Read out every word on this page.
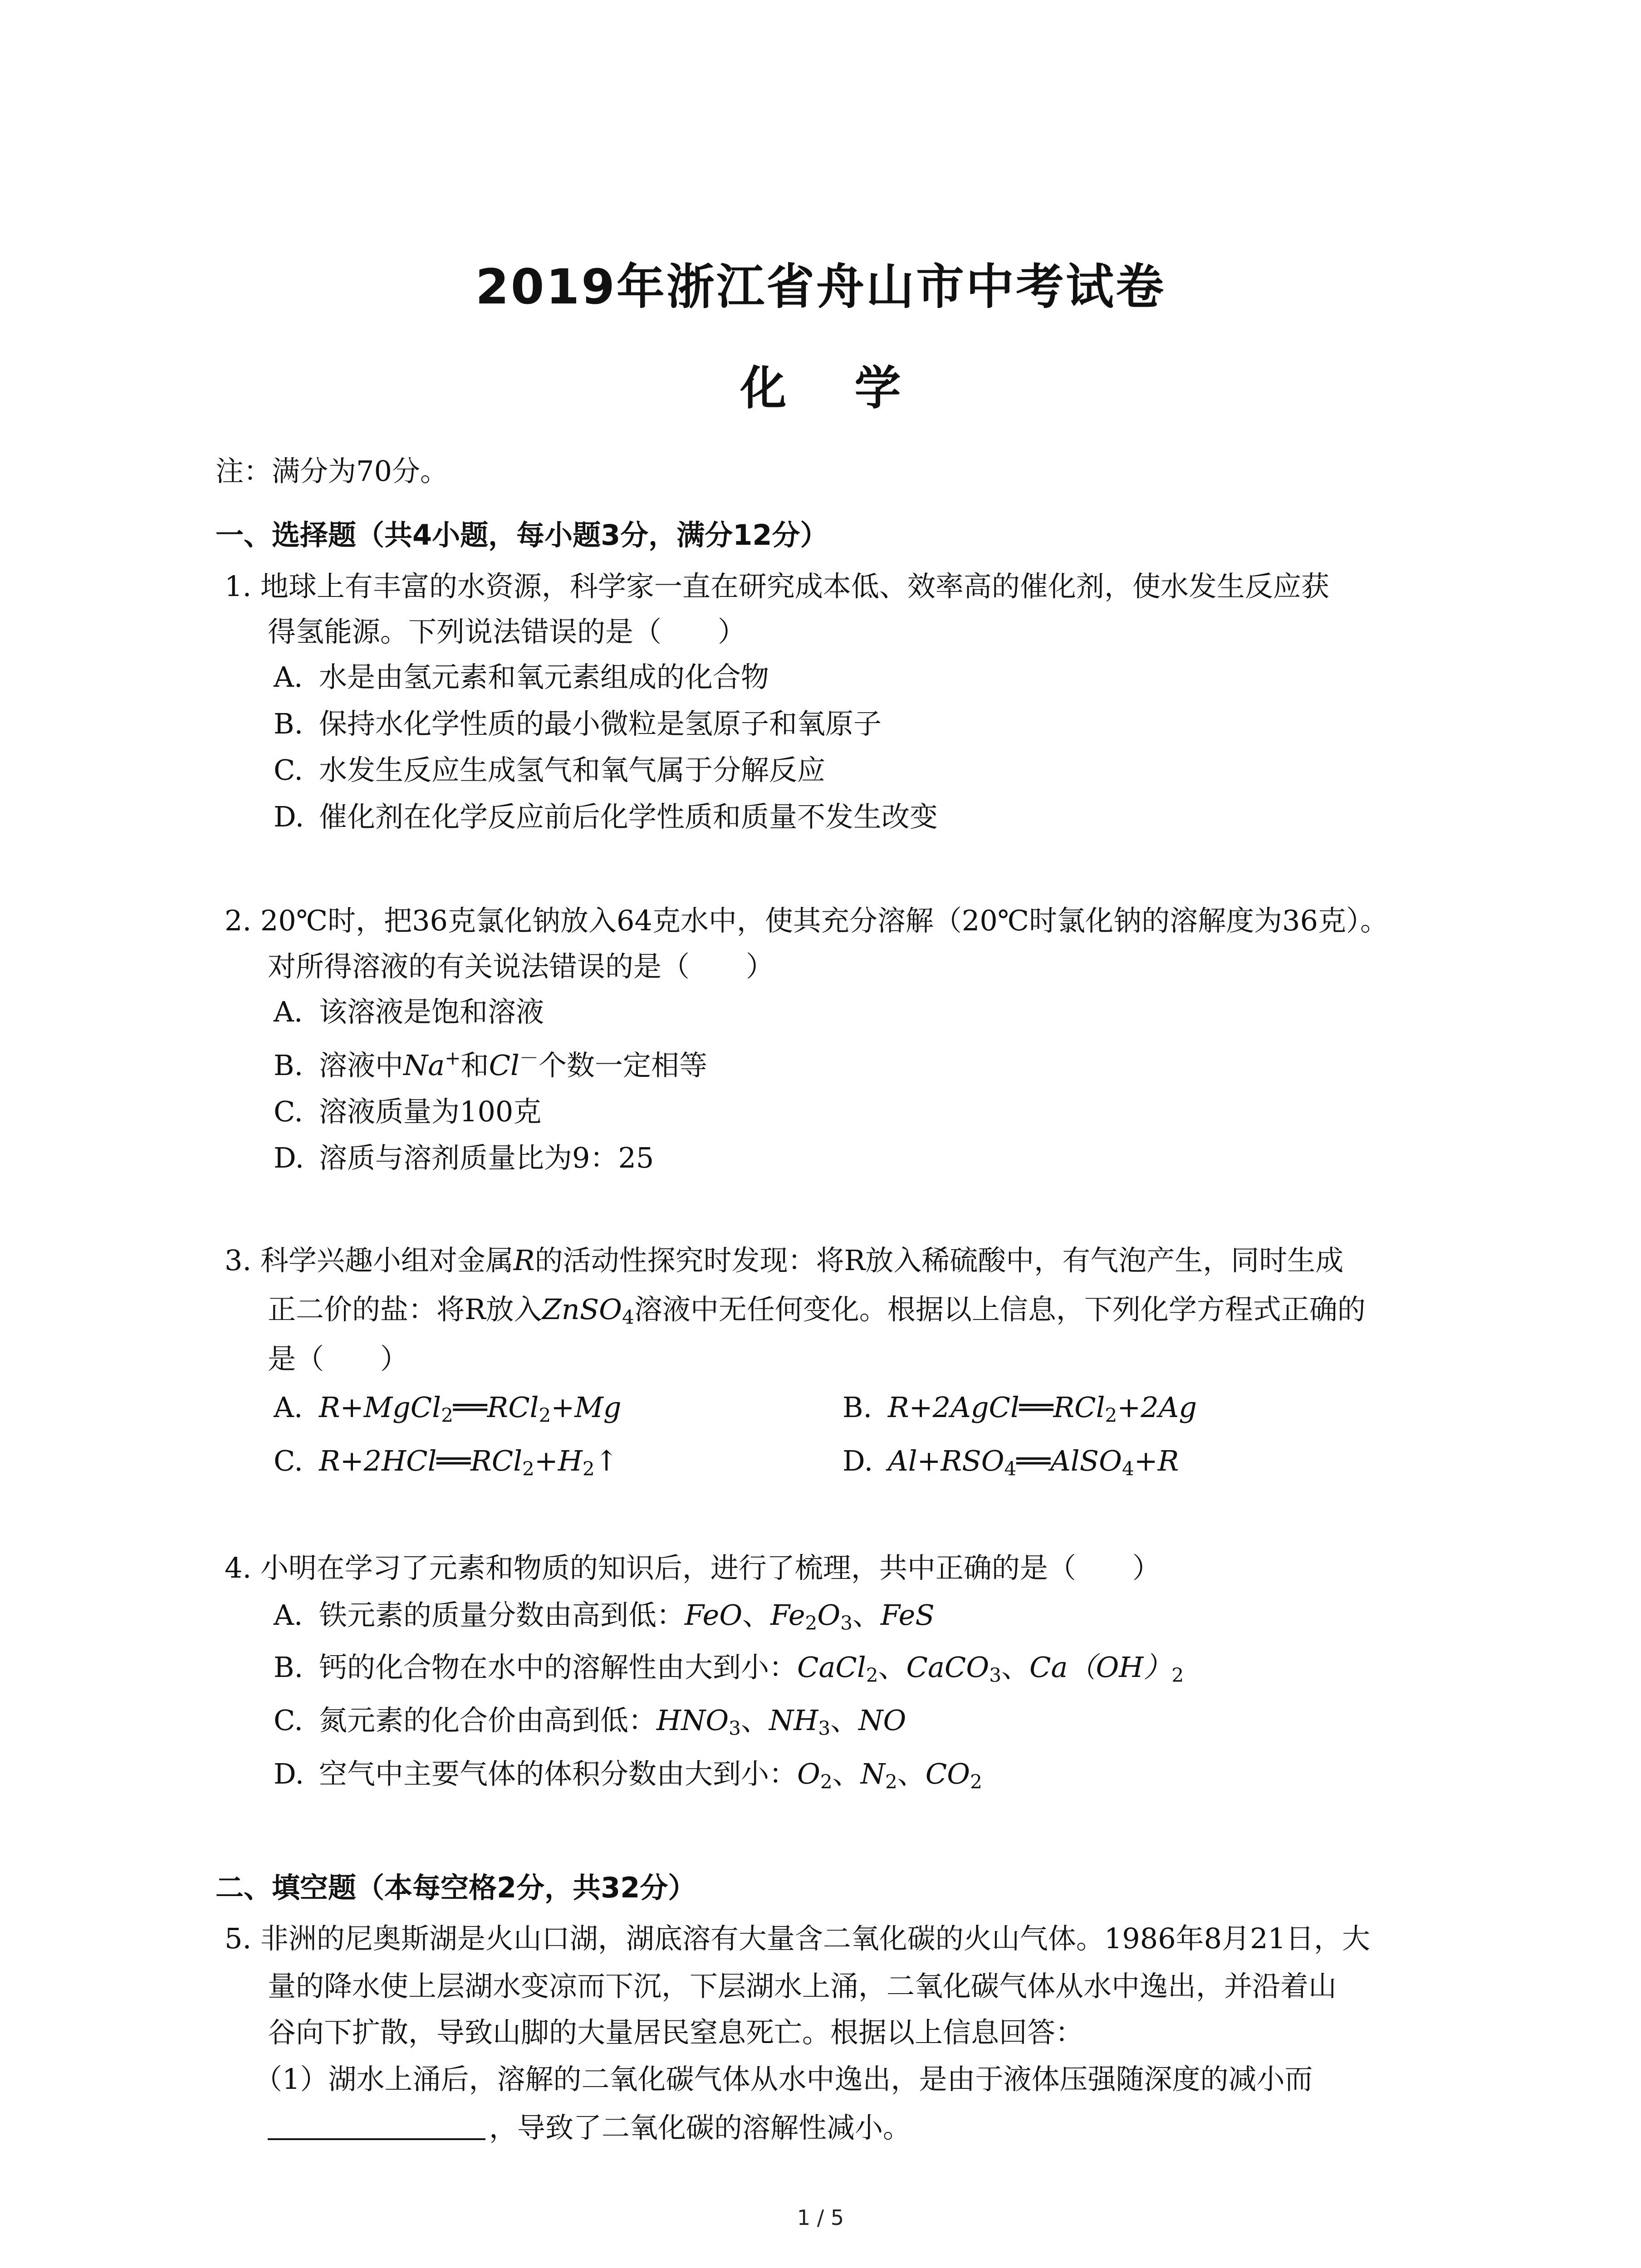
2019年浙江省舟山市中考试卷
化学
注：满分为70分。
一、选择题（共4小题，每小题3分，满分12分）
1. 地球上有丰富的水资源，科学家一直在研究成本低、效率高的催化剂，使水发生反应获
得氢能源。下列说法错误的是（　　）
A. 水是由氢元素和氧元素组成的化合物
B. 保持水化学性质的最小微粒是氢原子和氧原子
C. 水发生反应生成氢气和氧气属于分解反应
D. 催化剂在化学反应前后化学性质和质量不发生改变
2. 20℃时，把36克氯化钠放入64克水中，使其充分溶解（20℃时氯化钠的溶解度为36克）。
对所得溶液的有关说法错误的是（　　）
A. 该溶液是饱和溶液
B. 溶液中Na+和Cl－个数一定相等
C. 溶液质量为100克
D. 溶质与溶剂质量比为9：25
3. 科学兴趣小组对金属R的活动性探究时发现：将R放入稀硫酸中，有气泡产生，同时生成
正二价的盐：将R放入ZnSO$_4$溶液中无任何变化。根据以上信息，下列化学方程式正确的
是（　　）
A. R+MgCl$_2$══RCl$_2$+Mg	B. R+2AgCl══RCl$_2$+2Ag
C. $R+2HCl══RCl_2+H_2↑$	D. $Al+RSO_4══AlSO_4+R$
4. 小明在学习了元素和物质的知识后，进行了梳理，共中正确的是（　　）
A. 铁元素的质量分数由高到低：FeO、$Fe_2O_3$、FeS
B. 钙的化合物在水中的溶解性由大到小：CaCl$_2$、CaCO$_3$、$Ca(OH)_2$
C. 氮元素的化合价由高到低：$HNO_3$、$NH_3$、NO
D. 空气中主要气体的体积分数由大到小：$O_2$、$N_2$、$CO_2$
二、填空题（本每空格2分，共32分）
5. 非洲的尼奥斯湖是火山口湖，湖底溶有大量含二氧化碳的火山气体。1986年8月21日，大
量的降水使上层湖水变凉而下沉，下层湖水上涌，二氧化碳气体从水中逸出，并沿着山
谷向下扩散，导致山脚的大量居民窒息死亡。根据以上信息回答：
（1）湖水上涌后，溶解的二氧化碳气体从水中逸出，是由于液体压强随深度的减小而
，导致了二氧化碳的溶解性减小。
1 / 5
